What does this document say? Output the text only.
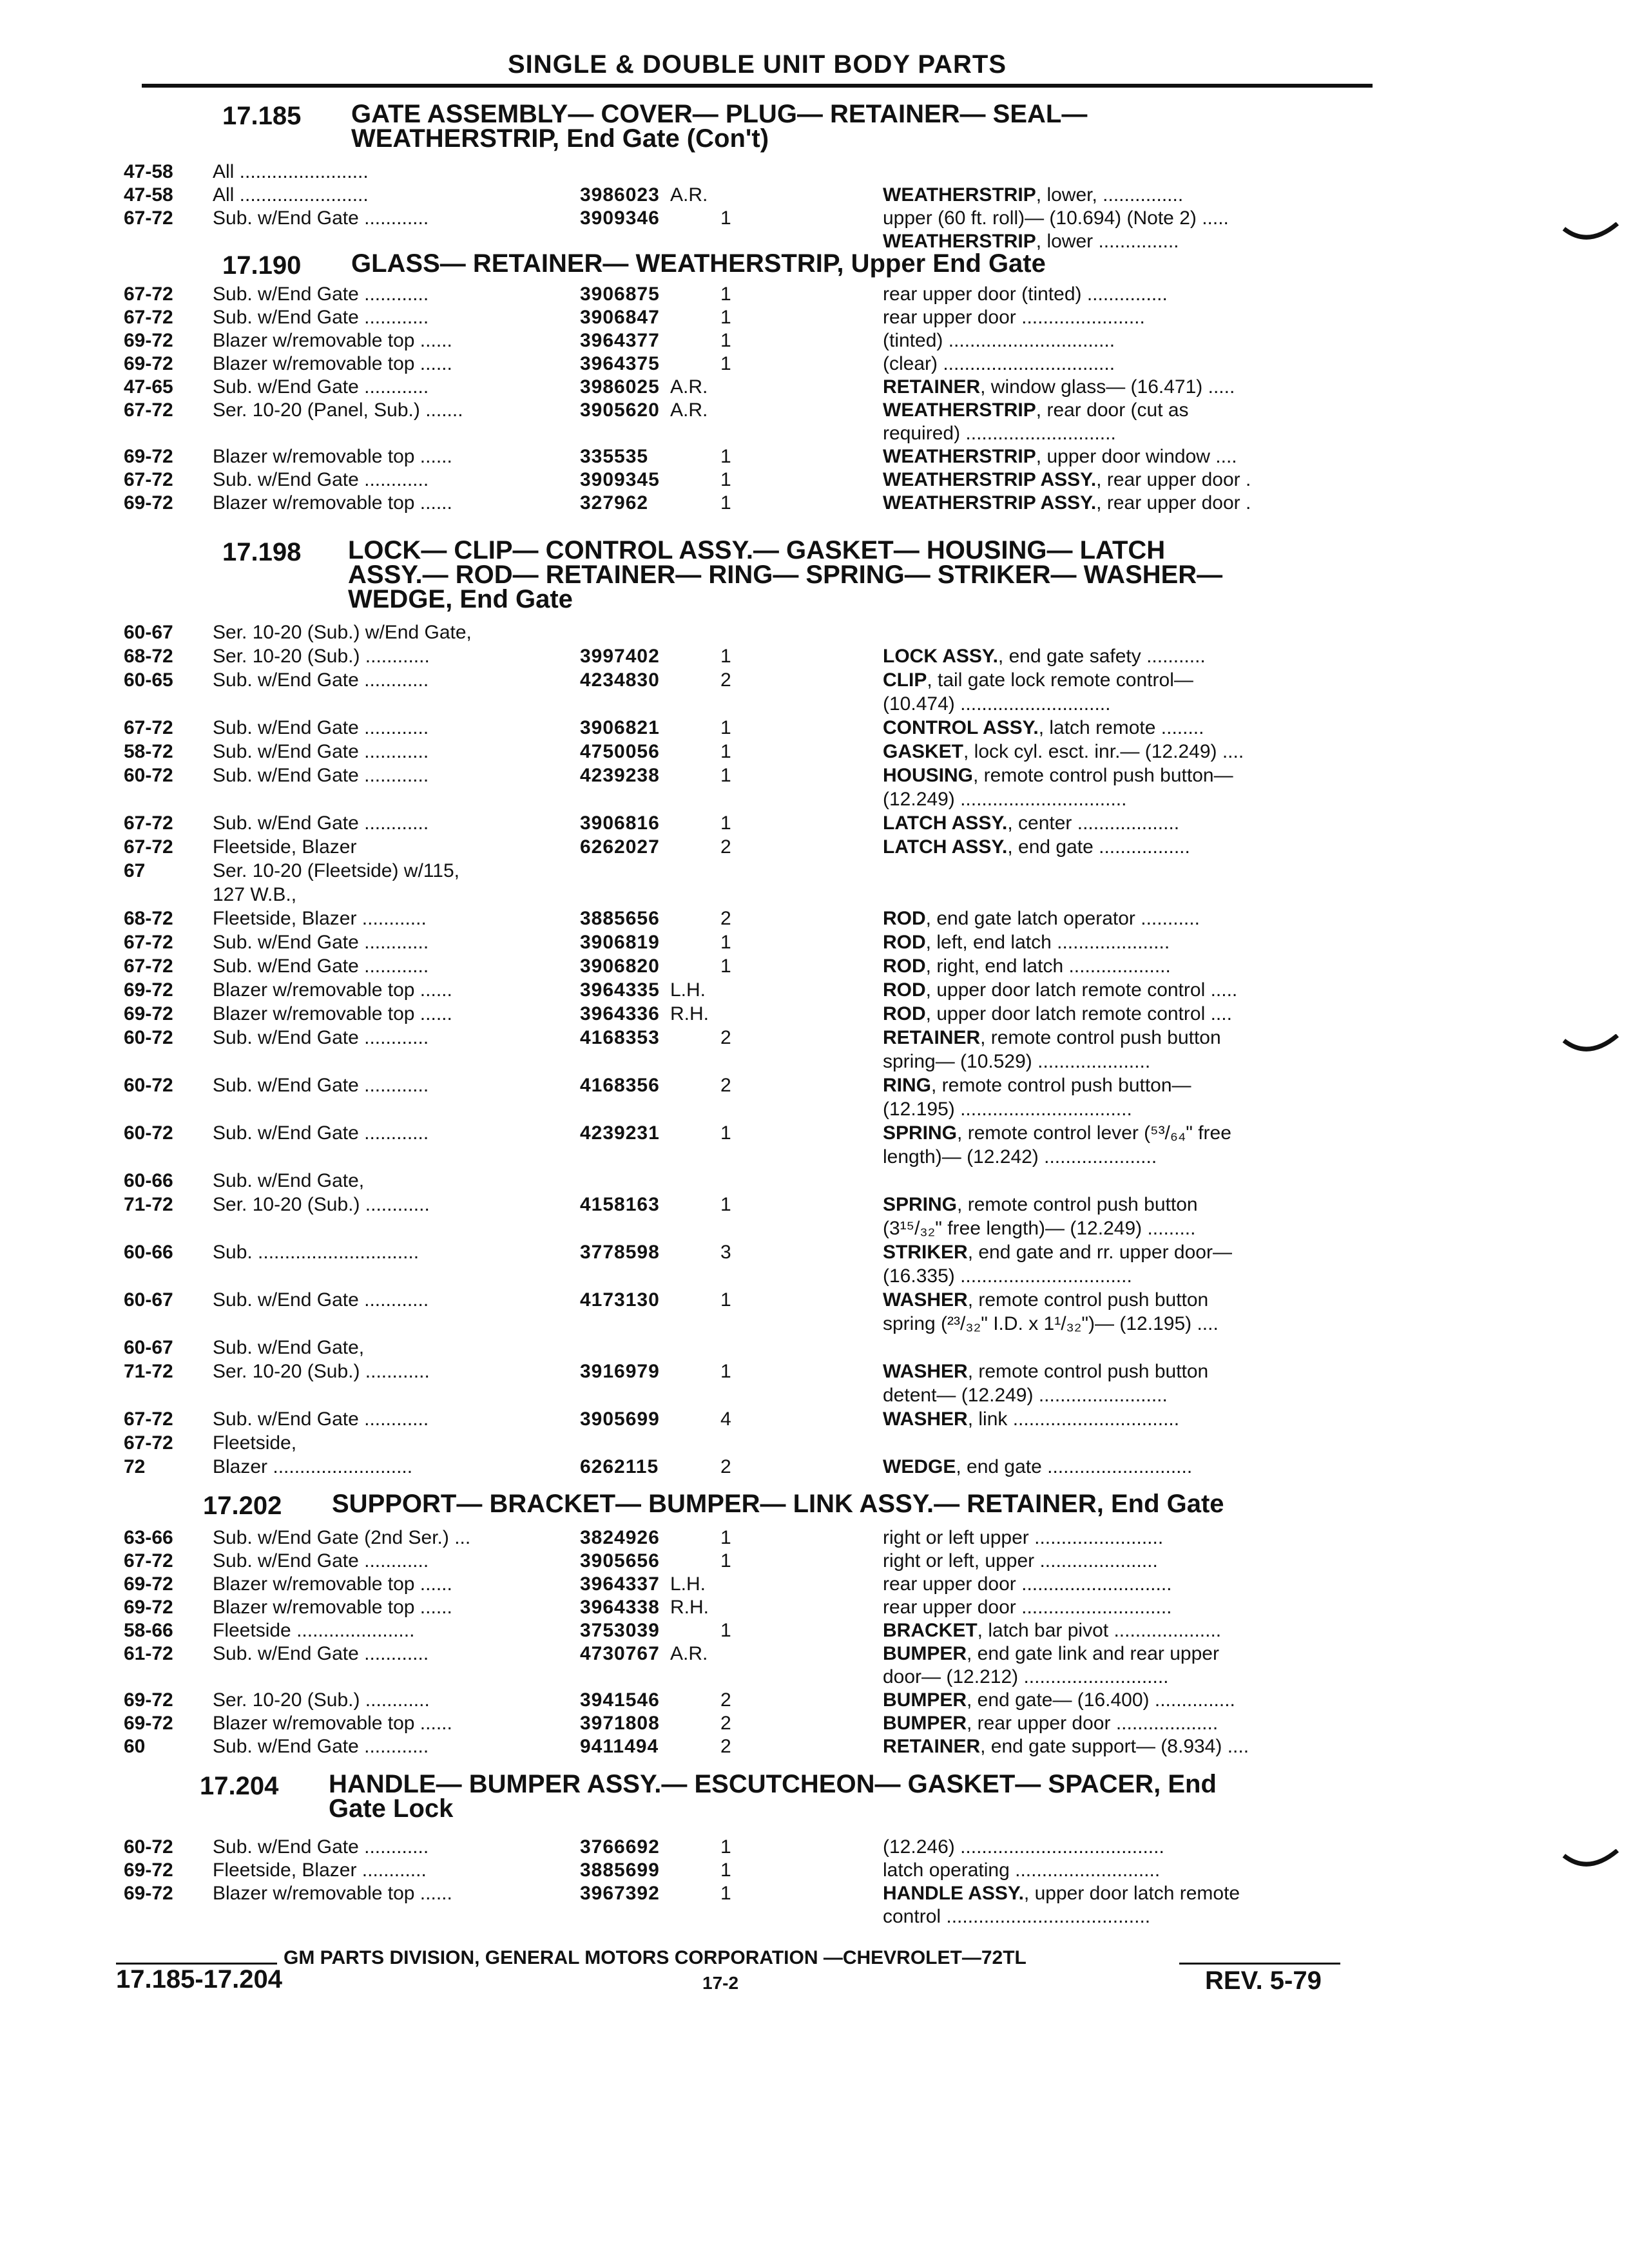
SINGLE & DOUBLE UNIT BODY PARTS
17.185 GATE ASSEMBLY— COVER— PLUG— RETAINER— SEAL—
WEATHERSTRIP, End Gate (Con't)
47-58 All ........................
47-58 All ........................	3986023 A.R.	WEATHERSTRIP, lower, ...............
67-72 Sub. w/End Gate ............	3909346	1	upper (60 ft. roll)— (10.694) (Note 2) .....
WEATHERSTRIP, lower ...............
17.190 GLASS— RETAINER— WEATHERSTRIP, Upper End Gate
67-72 Sub. w/End Gate ............	3906875	1	rear upper door (tinted) ...............
67-72 Sub. w/End Gate ............	3906847	1	rear upper door .......................
69-72 Blazer w/removable top ......	3964377	1	(tinted) ...............................
69-72 Blazer w/removable top ......	3964375	1	(clear) ................................
47-65 Sub. w/End Gate ............	3986025 A.R.	RETAINER, window glass— (16.471) .....
67-72 Ser. 10-20 (Panel, Sub.) .......	3905620 A.R.	WEATHERSTRIP, rear door (cut as
required) ............................
69-72 Blazer w/removable top ......	335535	1	WEATHERSTRIP, upper door window ....
67-72 Sub. w/End Gate ............	3909345	1	WEATHERSTRIP ASSY., rear upper door .
69-72 Blazer w/removable top ......	327962	1	WEATHERSTRIP ASSY., rear upper door .
17.198 LOCK— CLIP— CONTROL ASSY.— GASKET— HOUSING— LATCH
ASSY.— ROD— RETAINER— RING— SPRING— STRIKER— WASHER—
WEDGE, End Gate
60-67 Ser. 10-20 (Sub.) w/End Gate,
68-72 Ser. 10-20 (Sub.) ............	3997402	1	LOCK ASSY., end gate safety ...........
60-65 Sub. w/End Gate ............	4234830	2	CLIP, tail gate lock remote control—
(10.474) ............................
67-72 Sub. w/End Gate ............	3906821	1	CONTROL ASSY., latch remote ........
58-72 Sub. w/End Gate ............	4750056	1	GASKET, lock cyl. esct. inr.— (12.249) ....
60-72 Sub. w/End Gate ............	4239238	1	HOUSING, remote control push button—
(12.249) ...............................
67-72 Sub. w/End Gate ............	3906816	1	LATCH ASSY., center ...................
67-72 Fleetside, Blazer	6262027	2	LATCH ASSY., end gate .................
67	Ser. 10-20 (Fleetside) w/115,
127 W.B.,
68-72 Fleetside, Blazer ............	3885656	2	ROD, end gate latch operator ...........
67-72 Sub. w/End Gate ............	3906819	1	ROD, left, end latch .....................
67-72 Sub. w/End Gate ............	3906820	1	ROD, right, end latch ...................
69-72 Blazer w/removable top ......	3964335 L.H.	ROD, upper door latch remote control .....
69-72 Blazer w/removable top ......	3964336 R.H.	ROD, upper door latch remote control ....
60-72 Sub. w/End Gate ............	4168353	2	RETAINER, remote control push button
spring— (10.529) .....................
60-72 Sub. w/End Gate ............	4168356	2	RING, remote control push button—
(12.195) ................................
60-72 Sub. w/End Gate ............	4239231	1	SPRING, remote control lever (⁵³/₆₄" free
length)— (12.242) .....................
60-66 Sub. w/End Gate,
71-72 Ser. 10-20 (Sub.) ............	4158163	1	SPRING, remote control push button
(3¹⁵/₃₂" free length)— (12.249) .........
60-66 Sub. ..............................	3778598	3	STRIKER, end gate and rr. upper door—
(16.335) ................................
60-67 Sub. w/End Gate ............	4173130	1	WASHER, remote control push button
spring (²³/₃₂" I.D. x 1¹/₃₂")— (12.195) ....
60-67 Sub. w/End Gate,
71-72 Ser. 10-20 (Sub.) ............	3916979	1	WASHER, remote control push button
detent— (12.249) ........................
67-72 Sub. w/End Gate ............	3905699	4	WASHER, link ...............................
67-72 Fleetside,
72	Blazer ..........................	6262115	2	WEDGE, end gate ...........................
17.202 SUPPORT— BRACKET— BUMPER— LINK ASSY.— RETAINER, End Gate
63-66 Sub. w/End Gate (2nd Ser.) ...	3824926	1	right or left upper ........................
67-72 Sub. w/End Gate ............	3905656	1	right or left, upper ......................
69-72 Blazer w/removable top ......	3964337 L.H.	rear upper door ............................
69-72 Blazer w/removable top ......	3964338 R.H.	rear upper door ............................
58-66 Fleetside ......................	3753039	1	BRACKET, latch bar pivot ....................
61-72 Sub. w/End Gate ............	4730767 A.R.	BUMPER, end gate link and rear upper
door— (12.212) ...........................
69-72 Ser. 10-20 (Sub.) ............	3941546	2	BUMPER, end gate— (16.400) ...............
69-72 Blazer w/removable top ......	3971808	2	BUMPER, rear upper door ...................
60	Sub. w/End Gate ............	9411494	2	RETAINER, end gate support— (8.934) ....
17.204 HANDLE— BUMPER ASSY.— ESCUTCHEON— GASKET— SPACER, End
Gate Lock
60-72 Sub. w/End Gate ............	3766692	1	(12.246) ......................................
69-72 Fleetside, Blazer ............	3885699	1	latch operating ...........................
69-72 Blazer w/removable top ......	3967392	1	HANDLE ASSY., upper door latch remote
control ......................................
GM PARTS DIVISION, GENERAL MOTORS CORPORATION —CHEVROLET—72TL
17.185-17.204	17-2	REV. 5-79
